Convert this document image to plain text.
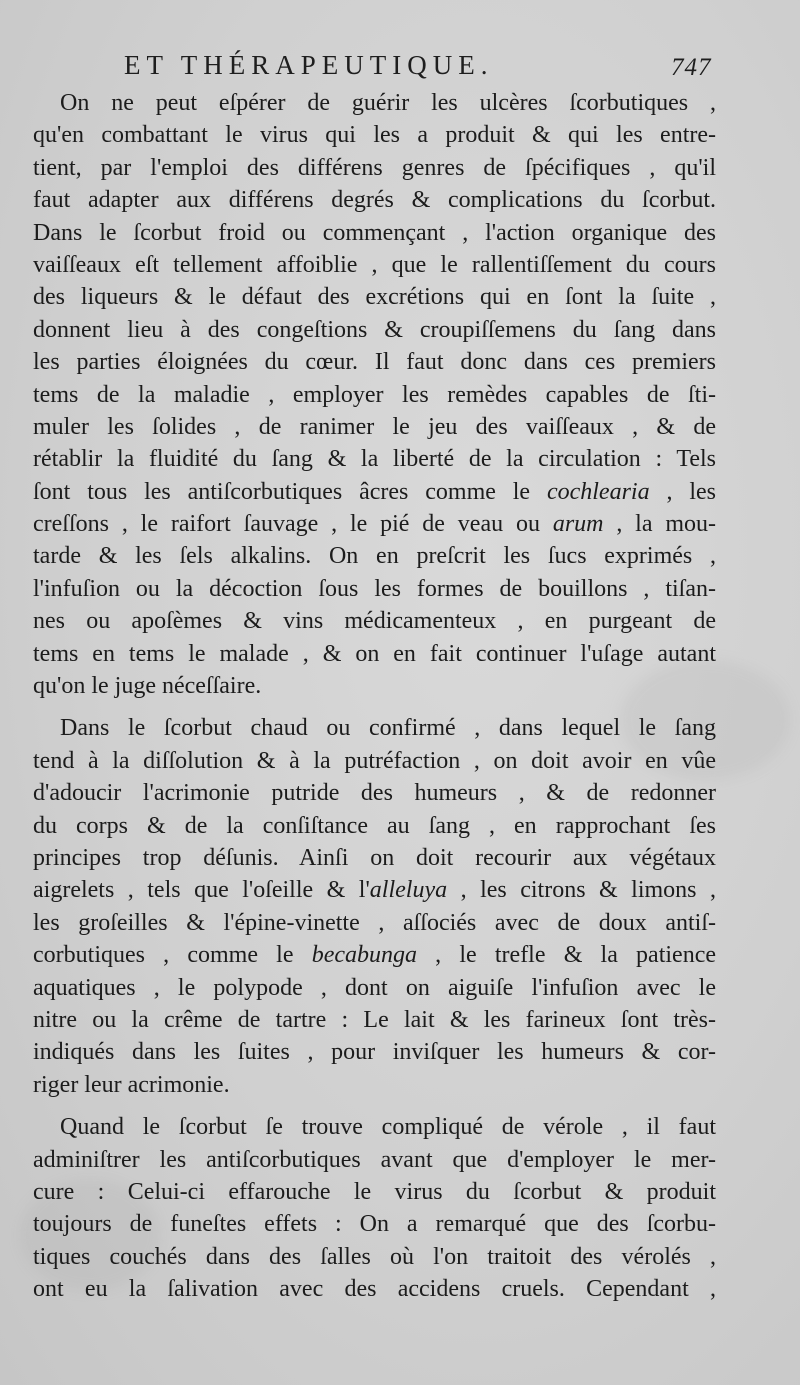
ET THÉRAPEUTIQUE.	747
On ne peut eſpérer de guérir les ulcères ſcorbutiques ,
qu'en combattant le virus qui les a produit & qui les entre-
tient, par l'emploi des différens genres de ſpécifiques , qu'il
faut adapter aux différens degrés & complications du ſcorbut.
Dans le ſcorbut froid ou commençant , l'action organique des
vaiſſeaux eſt tellement affoiblie , que le rallentiſſement du cours
des liqueurs & le défaut des excrétions qui en ſont la ſuite ,
donnent lieu à des congeſtions & croupiſſemens du ſang dans
les parties éloignées du cœur. Il faut donc dans ces premiers
tems de la maladie , employer les remèdes capables de ſti-
muler les ſolides , de ranimer le jeu des vaiſſeaux , & de
rétablir la fluidité du ſang & la liberté de la circulation : Tels
ſont tous les antiſcorbutiques âcres comme le cochlearia , les
creſſons , le raifort ſauvage , le pié de veau ou arum , la mou-
tarde & les ſels alkalins. On en preſcrit les ſucs exprimés ,
l'infuſion ou la décoction ſous les formes de bouillons , tiſan-
nes ou apoſèmes & vins médicamenteux , en purgeant de
tems en tems le malade , & on en fait continuer l'uſage autant
qu'on le juge néceſſaire.
Dans le ſcorbut chaud ou confirmé , dans lequel le ſang
tend à la diſſolution & à la putréfaction , on doit avoir en vûe
d'adoucir l'acrimonie putride des humeurs , & de redonner
du corps & de la conſiſtance au ſang , en rapprochant ſes
principes trop déſunis. Ainſi on doit recourir aux végétaux
aigrelets , tels que l'oſeille & l'alleluya , les citrons & limons ,
les groſeilles & l'épine-vinette , aſſociés avec de doux antiſ-
corbutiques , comme le becabunga , le trefle & la patience
aquatiques , le polypode , dont on aiguiſe l'infuſion avec le
nitre ou la crême de tartre : Le lait & les farineux ſont très-
indiqués dans les ſuites , pour inviſquer les humeurs & cor-
riger leur acrimonie.
Quand le ſcorbut ſe trouve compliqué de vérole , il faut
adminiſtrer les antiſcorbutiques avant que d'employer le mer-
cure : Celui-ci effarouche le virus du ſcorbut & produit
toujours de funeſtes effets : On a remarqué que des ſcorbu-
tiques couchés dans des ſalles où l'on traitoit des vérolés ,
ont eu la ſalivation avec des accidens cruels. Cependant ,
